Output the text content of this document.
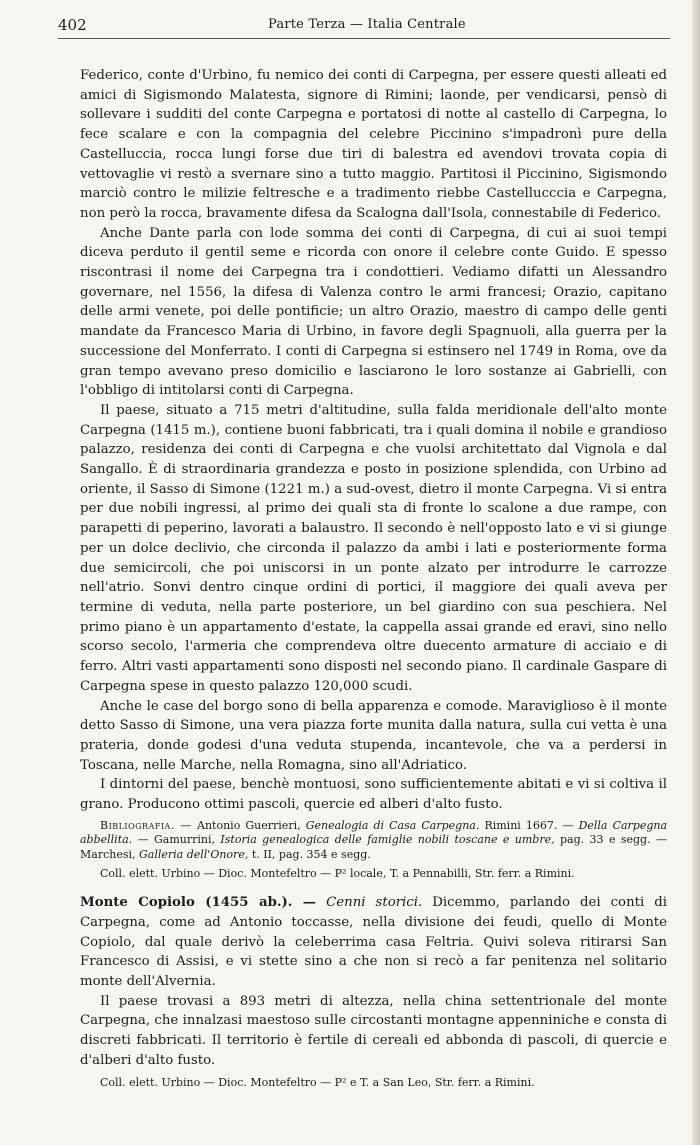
402	Parte Terza — Italia Centrale

Federico, conte d'Urbino, fu nemico dei conti di Carpegna, per essere questi alleati ed amici di Sigismondo Malatesta, signore di Rimini; laonde, per vendicarsi, pensò di sollevare i sudditi del conte Carpegna e portatosi di notte al castello di Carpegna, lo fece scalare e con la compagnia del celebre Piccinino s'impadronì pure della Castelluccia, rocca lungi forse due tiri di balestra ed avendovi trovata copia di vettovaglie vi restò a svernare sino a tutto maggio. Partitosi il Piccinino, Sigismondo marciò contro le milizie feltresche e a tradimento riebbe Castellucccia e Carpegna, non però la rocca, bravamente difesa da Scalogna dall'Isola, connestabile di Federico.

Anche Dante parla con lode somma dei conti di Carpegna, di cui ai suoi tempi diceva perduto il gentil seme e ricorda con onore il celebre conte Guido. E spesso riscontrasi il nome dei Carpegna tra i condottieri. Vediamo difatti un Alessandro governare, nel 1556, la difesa di Valenza contro le armi francesi; Orazio, capitano delle armi venete, poi delle pontificie; un altro Orazio, maestro di campo delle genti mandate da Francesco Maria di Urbino, in favore degli Spagnuoli, alla guerra per la successione del Monferrato. I conti di Carpegna si estinsero nel 1749 in Roma, ove da gran tempo avevano preso domicilio e lasciarono le loro sostanze ai Gabrielli, con l'obbligo di intitolarsi conti di Carpegna.

Il paese, situato a 715 metri d'altitudine, sulla falda meridionale dell'alto monte Carpegna (1415 m.), contiene buoni fabbricati, tra i quali domina il nobile e grandioso palazzo, residenza dei conti di Carpegna e che vuolsi architettato dal Vignola e dal Sangallo. È di straordinaria grandezza e posto in posizione splendida, con Urbino ad oriente, il Sasso di Simone (1221 m.) a sud-ovest, dietro il monte Carpegna. Vi si entra per due nobili ingressi, al primo dei quali sta di fronte lo scalone a due rampe, con parapetti di peperino, lavorati a balaustro. Il secondo è nell'opposto lato e vi si giunge per un dolce declivio, che circonda il palazzo da ambi i lati e posteriormente forma due semicircoli, che poi uniscorsi in un ponte alzato per introdurre le carrozze nell'atrio. Sonvi dentro cinque ordini di portici, il maggiore dei quali aveva per termine di veduta, nella parte posteriore, un bel giardino con sua peschiera. Nel primo piano è un appartamento d'estate, la cappella assai grande ed eravi, sino nello scorso secolo, l'armeria che comprendeva oltre duecento armature di acciaio e di ferro. Altri vasti appartamenti sono disposti nel secondo piano. Il cardinale Gaspare di Carpegna spese in questo palazzo 120,000 scudi.

Anche le case del borgo sono di bella apparenza e comode. Maraviglioso è il monte detto Sasso di Simone, una vera piazza forte munita dalla natura, sulla cui vetta è una prateria, donde godesi d'una veduta stupenda, incantevole, che va a perdersi in Toscana, nelle Marche, nella Romagna, sino all'Adriatico.

I dintorni del paese, benchè montuosi, sono sufficientemente abitati e vi si coltiva il grano. Producono ottimi pascoli, quercie ed alberi d'alto fusto.

Bibliografia. — Antonio Guerrieri, Genealogia di Casa Carpegna. Rimini 1667. — Della Carpegna abbellita. — Gamurrini, Istoria genealogica delle famiglie nobili toscane e umbre, pag. 33 e segg. — Marchesi, Galleria dell'Onore, t. II, pag. 354 e segg.

Coll. elett. Urbino — Dioc. Montefeltro — P² locale, T. a Pennabilli, Str. ferr. a Rimini.

Monte Copiolo (1455 ab.). — Cenni storici. Dicemmo, parlando dei conti di Carpegna, come ad Antonio toccasse, nella divisione dei feudi, quello di Monte Copiolo, dal quale derivò la celeberrima casa Feltria. Quivi soleva ritirarsi San Francesco di Assisi, e vi stette sino a che non si recò a far penitenza nel solitario monte dell'Alvernia.

Il paese trovasi a 893 metri di altezza, nella china settentrionale del monte Carpegna, che innalzasi maestoso sulle circostanti montagne appenniniche e consta di discreti fabbricati. Il territorio è fertile di cereali ed abbonda di pascoli, di quercie e d'alberi d'alto fusto.

Coll. elett. Urbino — Dioc. Montefeltro — P² e T. a San Leo, Str. ferr. a Rimini.
